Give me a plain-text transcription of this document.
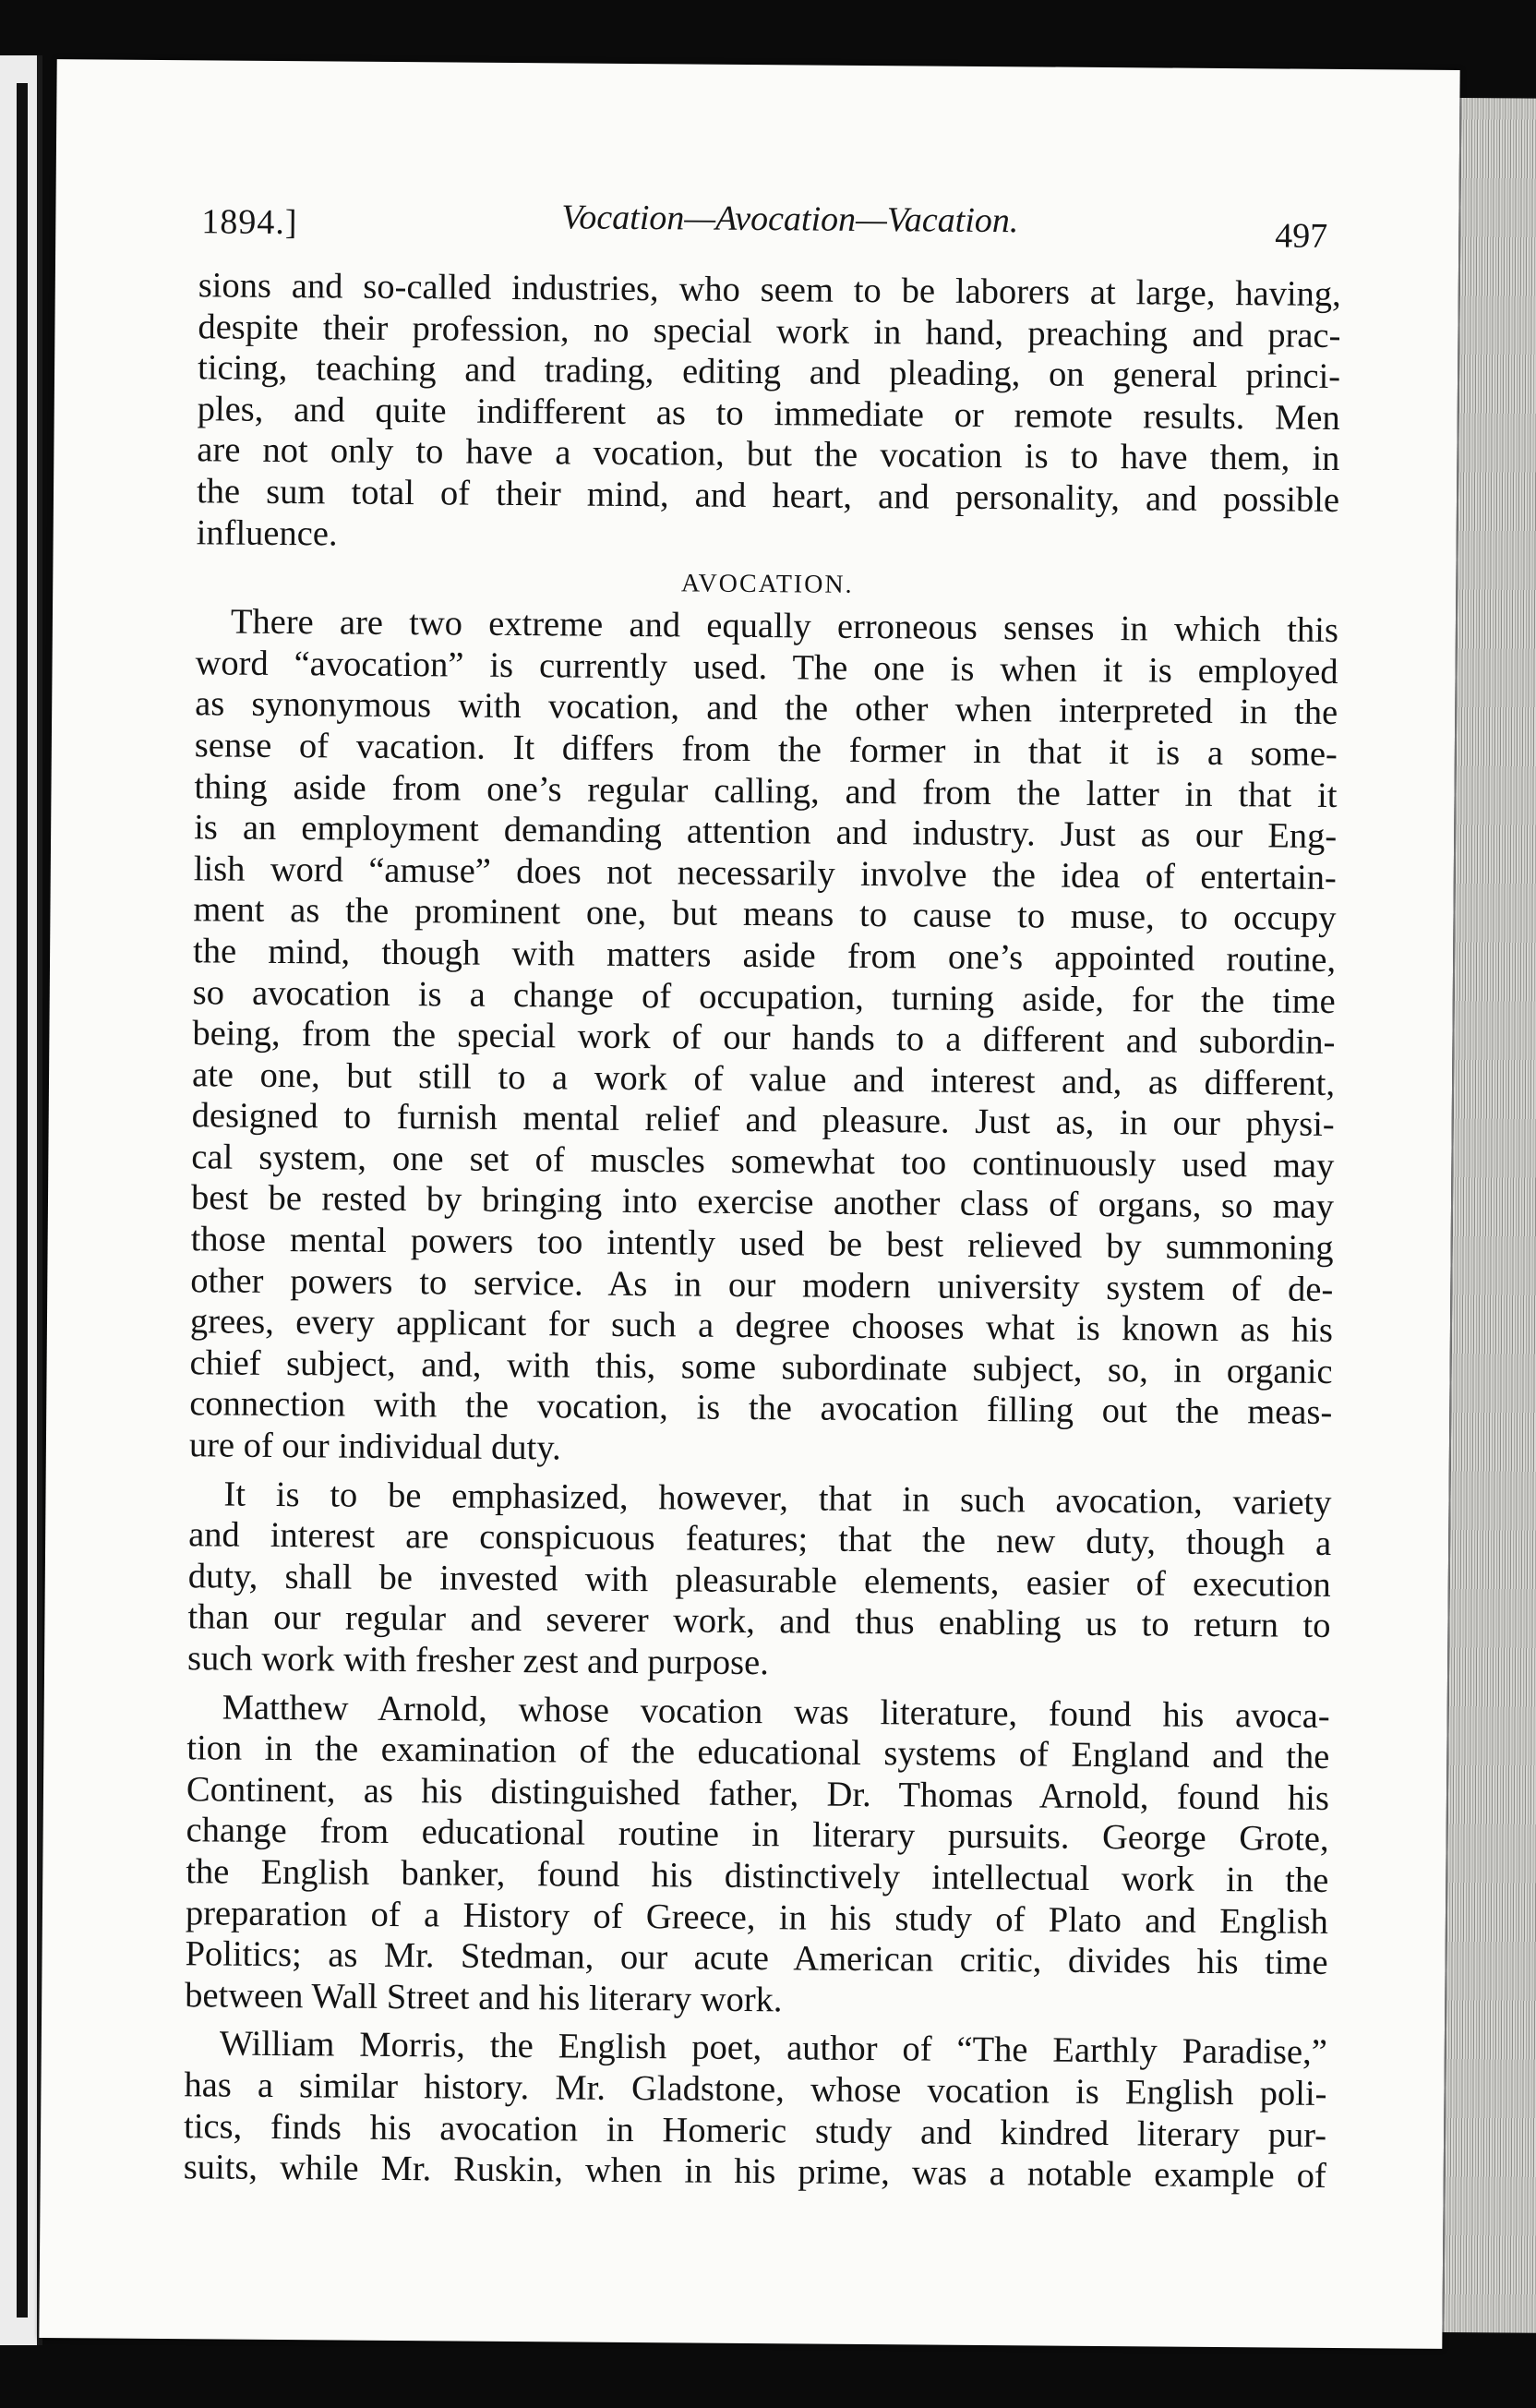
1894.]	Vocation—Avocation—Vacation.	497
sions and so-called industries, who seem to be laborers at large, having,
despite their profession, no special work in hand, preaching and prac-
ticing, teaching and trading, editing and pleading, on general princi-
ples, and quite indifferent as to immediate or remote results. Men
are not only to have a vocation, but the vocation is to have them, in
the sum total of their mind, and heart, and personality, and possible
influence.
AVOCATION.
There are two extreme and equally erroneous senses in which this
word “avocation” is currently used. The one is when it is employed
as synonymous with vocation, and the other when interpreted in the
sense of vacation. It differs from the former in that it is a some-
thing aside from one’s regular calling, and from the latter in that it
is an employment demanding attention and industry. Just as our Eng-
lish word “amuse” does not necessarily involve the idea of entertain-
ment as the prominent one, but means to cause to muse, to occupy
the mind, though with matters aside from one’s appointed routine,
so avocation is a change of occupation, turning aside, for the time
being, from the special work of our hands to a different and subordin-
ate one, but still to a work of value and interest and, as different,
designed to furnish mental relief and pleasure. Just as, in our physi-
cal system, one set of muscles somewhat too continuously used may
best be rested by bringing into exercise another class of organs, so may
those mental powers too intently used be best relieved by summoning
other powers to service. As in our modern university system of de-
grees, every applicant for such a degree chooses what is known as his
chief subject, and, with this, some subordinate subject, so, in organic
connection with the vocation, is the avocation filling out the meas-
ure of our individual duty.
It is to be emphasized, however, that in such avocation, variety
and interest are conspicuous features; that the new duty, though a
duty, shall be invested with pleasurable elements, easier of execution
than our regular and severer work, and thus enabling us to return to
such work with fresher zest and purpose.
Matthew Arnold, whose vocation was literature, found his avoca-
tion in the examination of the educational systems of England and the
Continent, as his distinguished father, Dr. Thomas Arnold, found his
change from educational routine in literary pursuits. George Grote,
the English banker, found his distinctively intellectual work in the
preparation of a History of Greece, in his study of Plato and English
Politics; as Mr. Stedman, our acute American critic, divides his time
between Wall Street and his literary work.
William Morris, the English poet, author of “The Earthly Paradise,”
has a similar history. Mr. Gladstone, whose vocation is English poli-
tics, finds his avocation in Homeric study and kindred literary pur-
suits, while Mr. Ruskin, when in his prime, was a notable example of
